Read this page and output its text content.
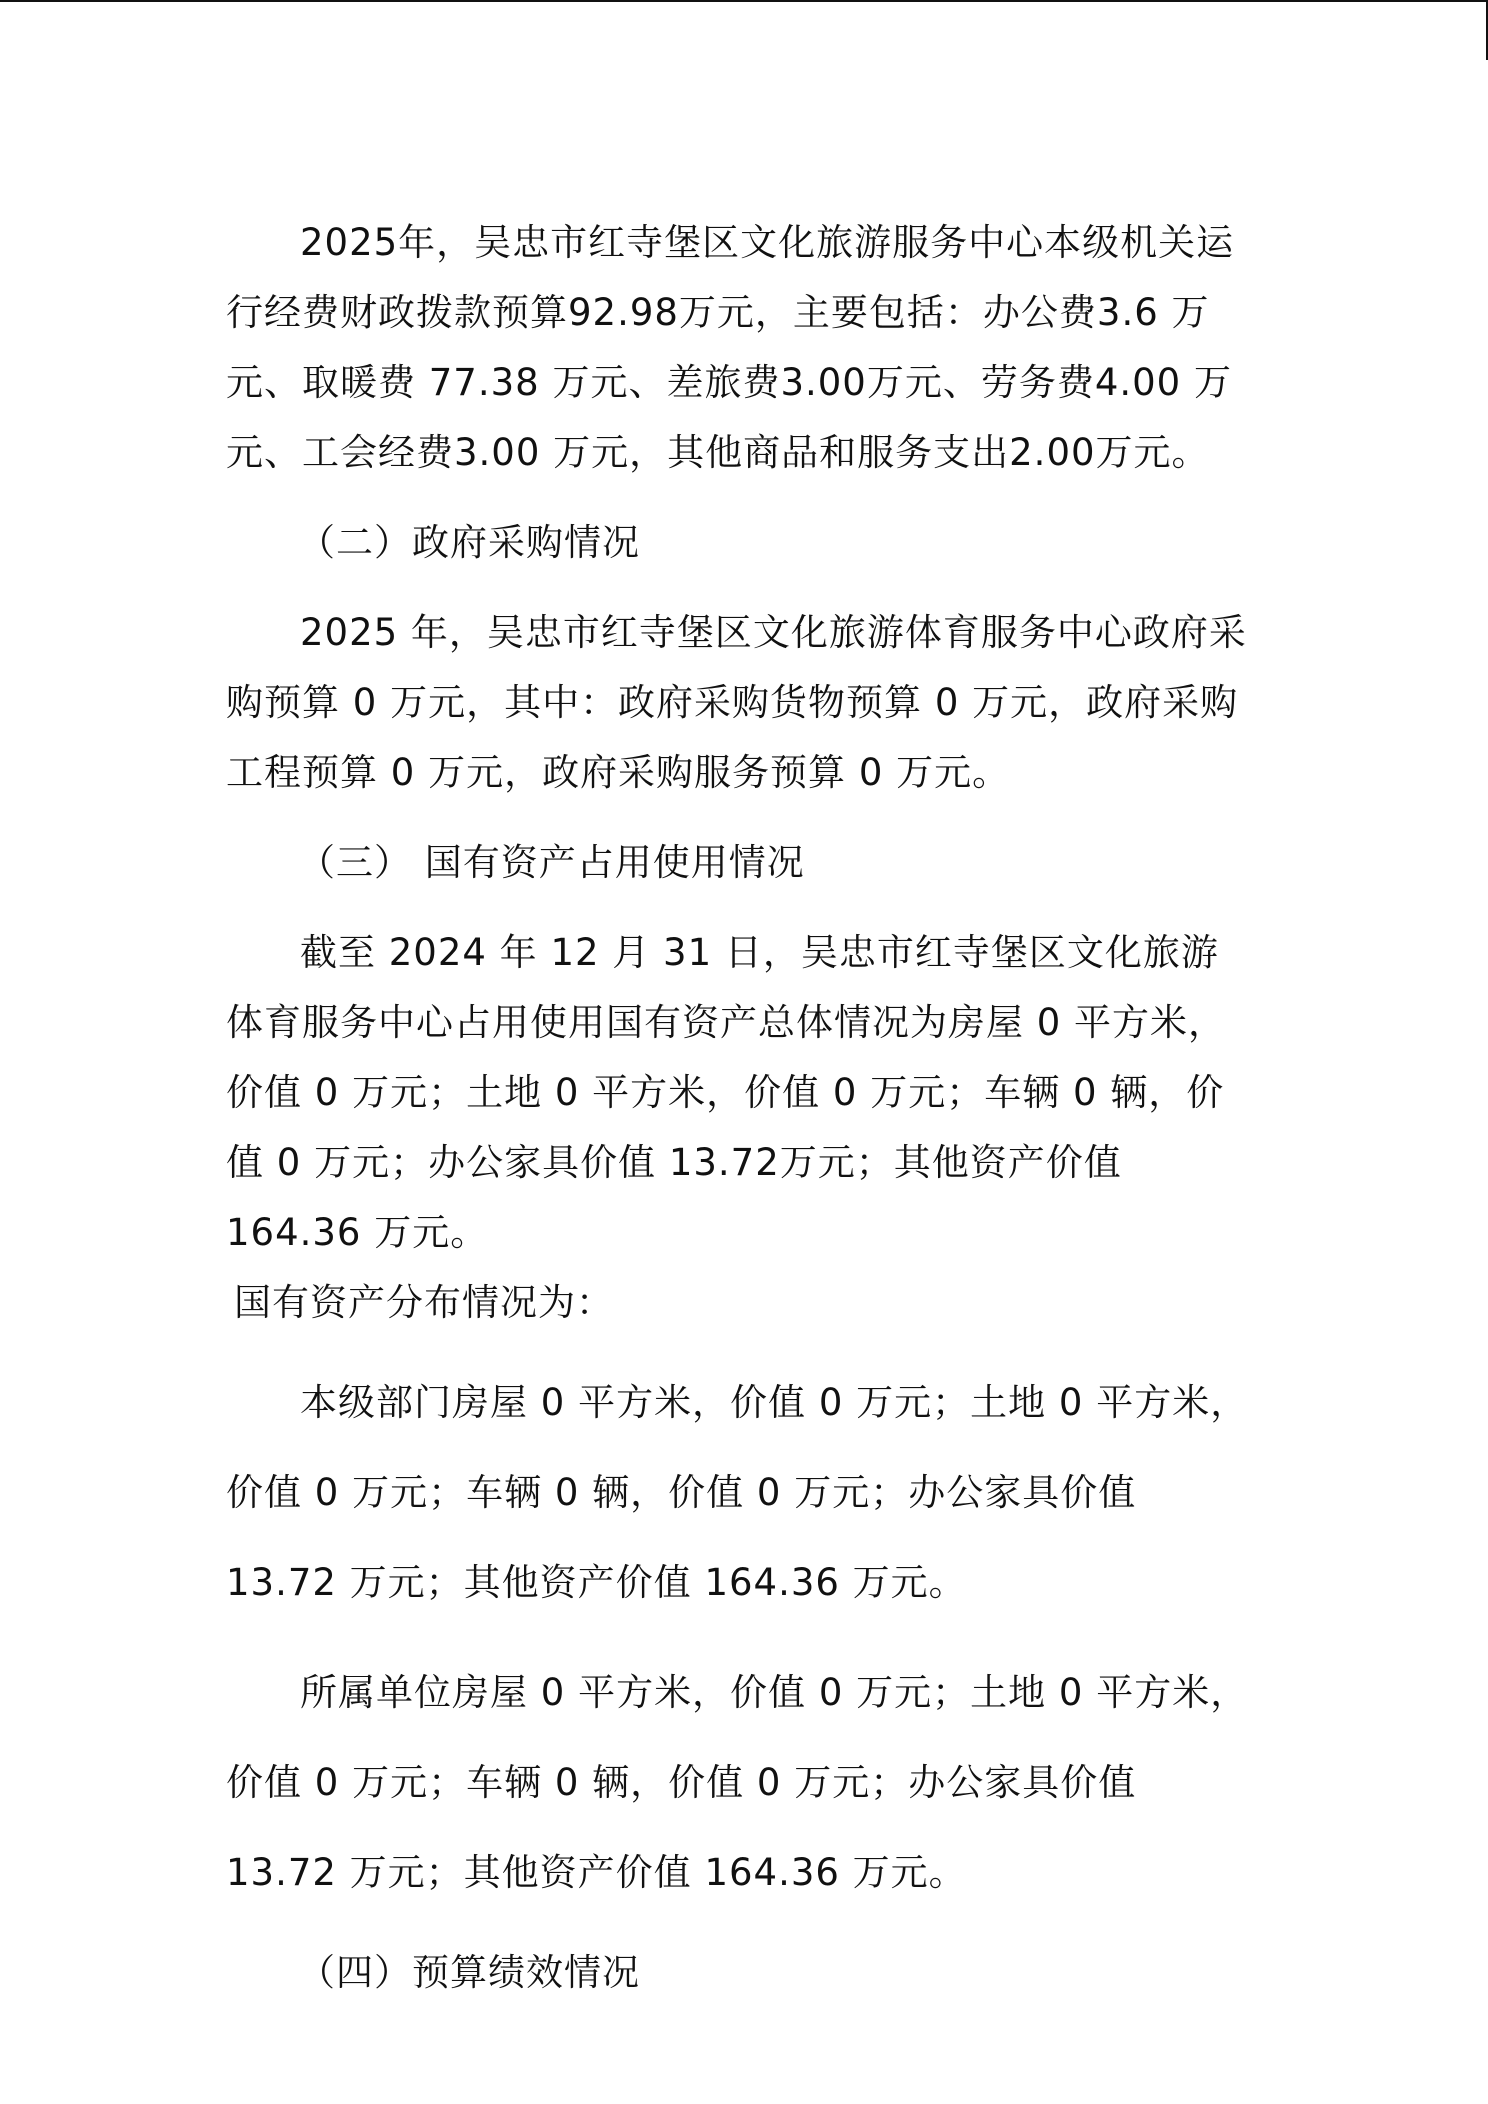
2025年，吴忠市红寺堡区文化旅游服务中心本级机关运行经费财政拨款预算92.98万元，主要包括：办公费3.6 万元、取暖费 77.38 万元、差旅费3.00万元、劳务费4.00 万元、工会经费3.00 万元，其他商品和服务支出2.00万元。

（二）政府采购情况

2025 年，吴忠市红寺堡区文化旅游体育服务中心政府采购预算 0 万元，其中：政府采购货物预算 0 万元，政府采购工程预算 0 万元，政府采购服务预算 0 万元。

（三） 国有资产占用使用情况

截至 2024 年 12 月 31 日，吴忠市红寺堡区文化旅游体育服务中心占用使用国有资产总体情况为房屋 0 平方米，价值 0 万元；土地 0 平方米，价值 0 万元；车辆 0 辆，价值 0 万元；办公家具价值 13.72万元；其他资产价值 164.36 万元。

国有资产分布情况为：

本级部门房屋 0 平方米，价值 0 万元；土地 0 平方米，价值 0 万元；车辆 0 辆，价值 0 万元；办公家具价值 13.72 万元；其他资产价值 164.36 万元。

所属单位房屋 0 平方米，价值 0 万元；土地 0 平方米，价值 0 万元；车辆 0 辆，价值 0 万元；办公家具价值 13.72 万元；其他资产价值 164.36 万元。

（四）预算绩效情况
